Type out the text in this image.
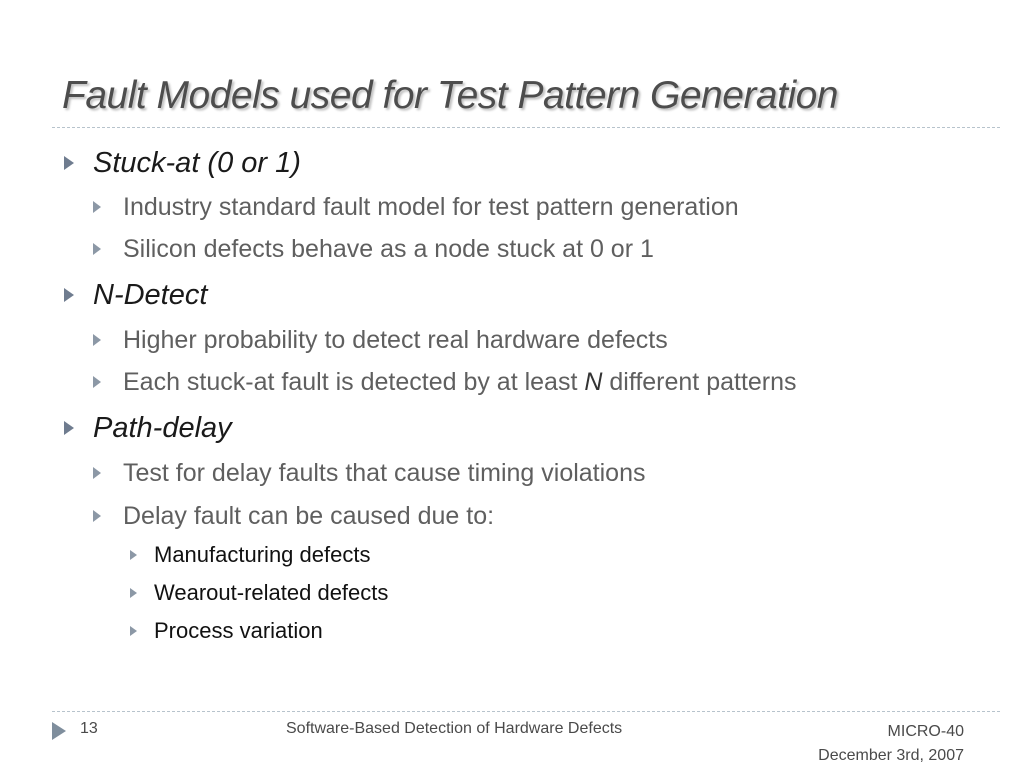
Fault Models used for Test Pattern Generation
Stuck-at (0 or 1)
Industry standard fault model for test pattern generation
Silicon defects behave as a node stuck at 0 or 1
N-Detect
Higher probability to detect real hardware defects
Each stuck-at fault is detected by at least N different patterns
Path-delay
Test for delay faults that cause timing violations
Delay fault can be caused due to:
Manufacturing defects
Wearout-related defects
Process variation
13	Software-Based Detection of Hardware Defects	MICRO-40
December 3rd, 2007
